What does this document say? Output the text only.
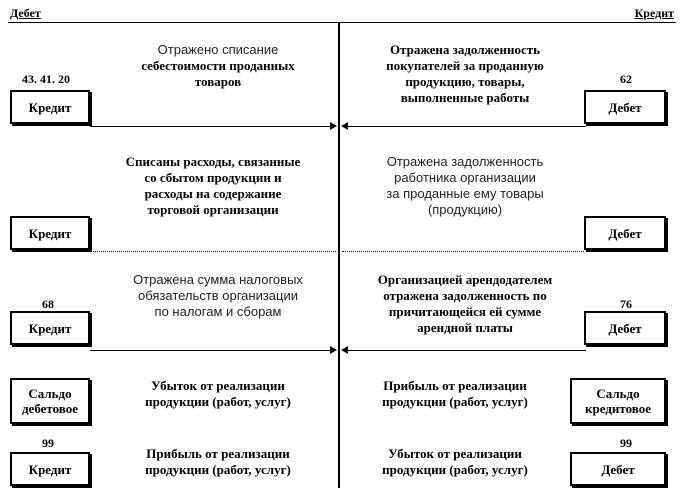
Дебет	Кредит
Отражено списание
себестоимости проданных
товаров
Отражена задолженность
покупателей за проданную
продукцию, товары,
выполненные работы
43. 41. 20	62
Кредит	Дебет
Списаны расходы, связанные
со сбытом продукции и
расходы на содержание
торговой организации
Отражена задолженность
работника организации
за проданные ему товары
(продукцию)
Кредит	Дебет
Отражена сумма налоговых
обязательств организации
по налогам и сборам
Организацией арендодателем
отражена задолженность по
причитающейся ей сумме
арендной платы
68	76
Кредит	Дебет
Сальдо
дебетовое
Сальдо
кредитовое
Убыток от реализации
продукции (работ, услуг)
Прибыль от реализации
продукции (работ, услуг)
99	99
Кредит	Дебет
Прибыль от реализации
продукции (работ, услуг)
Убыток от реализации
продукции (работ, услуг)
